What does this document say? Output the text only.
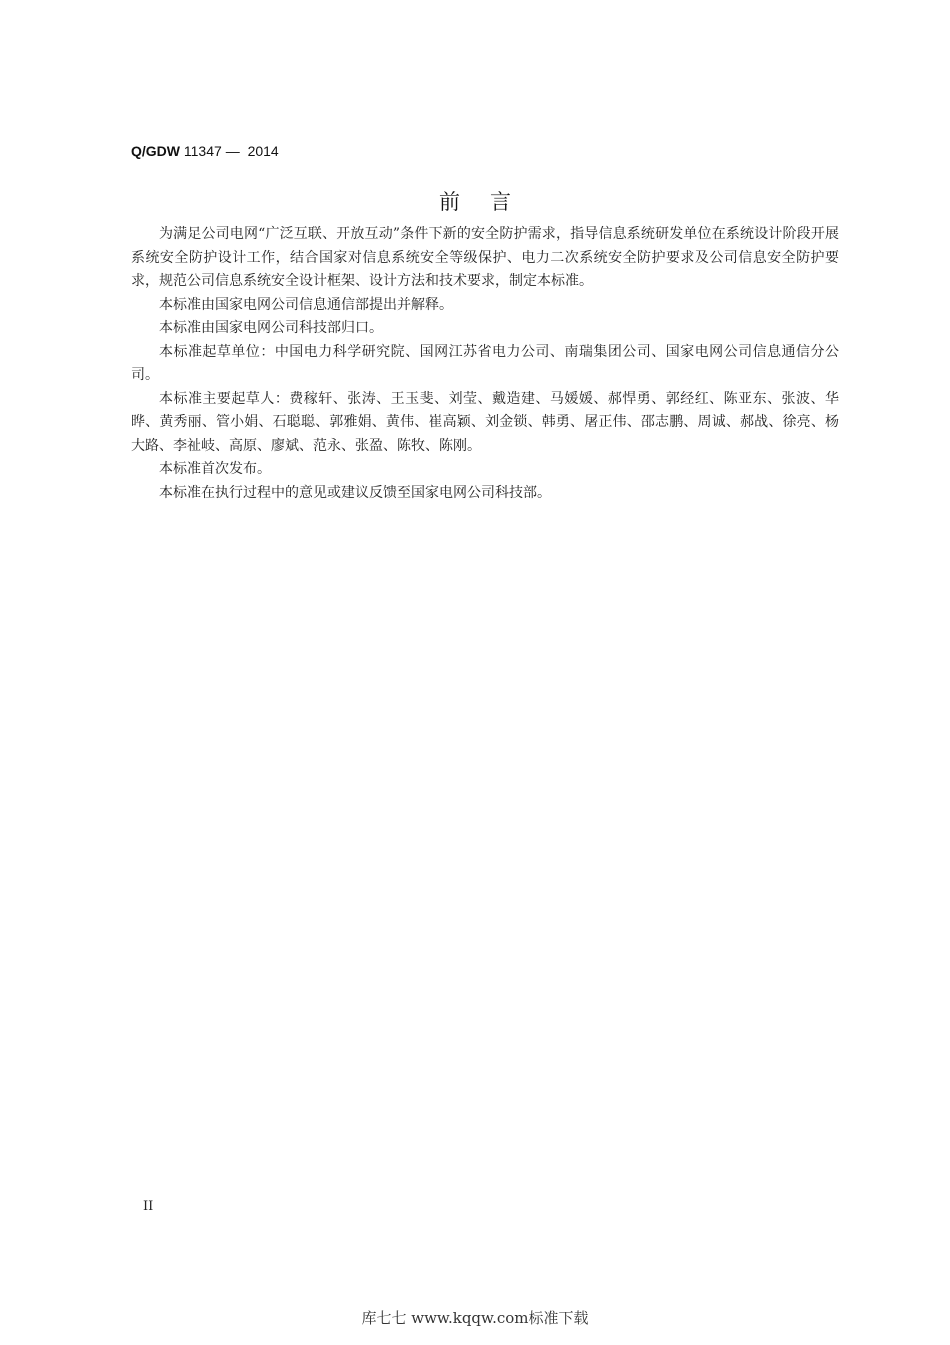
Q/GDW 11347 — 2014
前言

为满足公司电网“广泛互联、开放互动”条件下新的安全防护需求，指导信息系统研发单位在系统设计阶段开展系统安全防护设计工作，结合国家对信息系统安全等级保护、电力二次系统安全防护要求及公司信息安全防护要求，规范公司信息系统安全设计框架、设计方法和技术要求，制定本标准。

本标准由国家电网公司信息通信部提出并解释。

本标准由国家电网公司科技部归口。

本标准起草单位：中国电力科学研究院、国网江苏省电力公司、南瑞集团公司、国家电网公司信息通信分公司。

本标准主要起草人：费稼轩、张涛、王玉斐、刘莹、戴造建、马媛媛、郝悍勇、郭经红、陈亚东、张波、华晔、黄秀丽、管小娟、石聪聪、郭雅娟、黄伟、崔高颖、刘金锁、韩勇、屠正伟、邵志鹏、周诚、郝战、徐亮、杨大路、李祉岐、高原、廖斌、范永、张盈、陈牧、陈刚。

本标准首次发布。

本标准在执行过程中的意见或建议反馈至国家电网公司科技部。

II
库七七 www.kqqw.com标准下载
